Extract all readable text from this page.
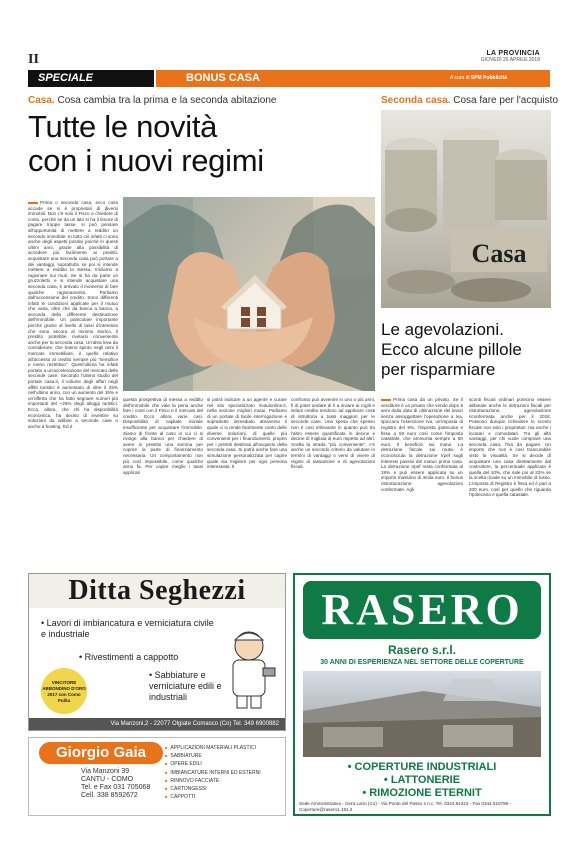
II	LA PROVINCIA
GIOVEDÌ 26 APRILE 2018
SPECIALE	BONUS CASA	A cura di SPM Pubblicità
Casa. Cosa cambia tra la prima e la seconda abitazione	Seconda casa. Cosa fare per l'acquisto
Tutte le novità
con i nuovi regimi
Casa
Le agevolazioni.
Ecco alcune pillole
per risparmiare
Prima o seconda casa, ecco cosa accade se si è proprietari di diversi immobili. Non c'è solo il Fisco a chiedere di conto, perché se da un lato si ha il timore di pagare troppe tasse, si può pensare all'opportunità di mettere a reddito un secondo immobile. In tutto ciò infatti ci sono anche degli aspetti positivi poiché in questi ultimi anni, grazie alla possibilità di accedere più facilmente ai prestiti, acquistare una seconda casa può portare a dei vantaggi, soprattutto se poi si intende mettere a reddito la stessa. Iniziamo a ragionare sui muti. Se si ha da parte un gruzzoletto e si intende acquistare una seconda casa, è arrivato il momento di fare qualche ragionamento. Partiamo dall'accensione del credito. Sono differenti infatti le condizioni applicate per il mutuo che varia, oltre che da banca a banca, a seconda della differente destinazione dell'immobile. Un particolare importante perché grazie al livello di tassi d'interesse che sono ancora al minimo storico, il prestito potrebbe rivelarsi conveniente anche per la seconda casa. Un'altra leva da considerare, che hanno spinto negli anni il mercato immobiliare, è quello relativo all'accesso al credito sempre più "semplice e meno restrittivo". Quest'ultima ha infatti portato a un'accelerazione del mercato delle seconde case. Secondo l'ultimo studio del portale casa.it, il volume degli affari negli affitti turistici è aumentato di oltre il 25% nell'ultimo anno, con un aumento del 15% e un'offerta che ha fatto segnare numeri più importanti del +25% degli alloggi turistici. Ecco, allora, che chi ha disponibilità economica, ha deciso di investire su soluzioni da adibire a seconde case o anche a hosting. Ed è
questa prospettiva di messa a reddito dell'immobile che vale la pena anche fare i conti con il Fisco e il mercato del credito. Ecco allora varie casi. Disponibilità di capitale iniziale insufficiente per acquistare l'immobile. Siamo di fronte al caso in cui ci si rivolge alla banca per chiedere di avere in prestito una somma per coprire la parte di finanziamento necessaria. Un comportamento non più così impossibile, come qualche anno fa. Per capire meglio i tassi applicati
si potrà indicare a un agente e curare nel sito specializzato mutuionline.it, nella sezione migliori mutui. Parliamo di un portale di facile interrogazione e soprattutto immediato attraverso il quale ci si rende facilmente conto delle diverse soluzioni, di quelle più convenienti per i finanziamenti, proprio per i prestiti destinati all'acquisto della seconda casa. Si potrà anche fare una simulazione personalizzata per capire quale sia migliore per ogni persona interessata. Il
confronto può avvenire in uno o più anni, lì di poter andare di lì a inviare ai rogiti e istituti credito tendono ad applicare costi di istruttoria a tassi maggiori per le seconde case. Una spesa che spesso non è così irrilevante in quanto può tra l'altro essere quantificata in decine e decine di migliaia di euro rispetto ad altri. Scelta la strada "più conveniente", c'è anche un secondo criterio da valutare in termini di vantaggi o versi di vivere di regimi di tassazione e di agevolazioni fiscali.
Prima casa da un privato. Se il venditore è un privato che vende dopo 5 anni dalla data di ultimazione dei lavori senza assoggettare l'operazione a Iva, spiccano l'esenzione Iva, un'imposta di registro del 9%, l'imposta ipotecaria e fissa a 50 euro così come l'imposta catastale, che ammonta sempre a 50 euro. Il beneficio sui mutui. La detrazione fiscale sui mutui è riconosciuta la detrazione Irpef sugli interessi passivi del mutuo prima casa. La detrazione Irpef resta confermata al 19% e può essere applicata su un importo massimo di 4mila euro. Il bonus ristrutturazione: agevolazioni confermate. Agli
sconti fiscali ordinari possono essere abbinate anche le detrazioni fiscali per ristrutturazione, agevolazione riconfermata anche per il 2018. Possono dunque richiedere lo sconto fiscale non solo i proprietari, ma anche i locatari e comodatari. Tra gli altri vantaggi, per chi vuole comprare una seconda casa, l'Iva da pagare. Un importo che non è così trascurabile visto la visualità. Se si decide di acquistare una casa direttamente dal costruttore, la percentuale applicata è quella del 10%, che sale poi al 22% se la scelta ricade su un immobile di lusso. L'imposta di Registro è fissa ed è pari a 200 euro, così per quello che riguarda l'ipotecaria e quella catastale.
Ditta Seghezzi
• Lavori di imbiancatura e verniciatura civile e industriale
• Rivestimenti a cappotto
• Sabbiature e verniciature edili e industriali
VINCITORE ABBONDINO D'ORO 2017 con Como Pulita
Via Manzoni,2 - 22077 Olgiate Comasco (Co) Tel. 349 6900882
Giorgio Gaia
Via Manzoni 39
CANTÙ - COMO
Tel. e Fax 031 705068
Cell. 338 8592672
■ APPLICAZIONI MATERIALI PLASTICI
■ SABBIATURE
■ OPERE EDILI
■ IMBIANCATURE INTERNI ED ESTERNI
■ RINNOVO FACCIATE
■ CARTONGESSI
■ CAPPOTTI
RASERO
Rasero s.r.l.
30 ANNI DI ESPERIENZA NEL SETTORE DELLE COPERTURE
• COPERTURE INDUSTRIALI
• LATTONERIE
• RIMOZIONE ETERNIT
Sede Amministrativa - Gera Lario (Co) - Via Ponte del Passo s.n.c. Tel. 0344.84323 - Fax 0344.910796 - Coperture@rasero1.191.it
